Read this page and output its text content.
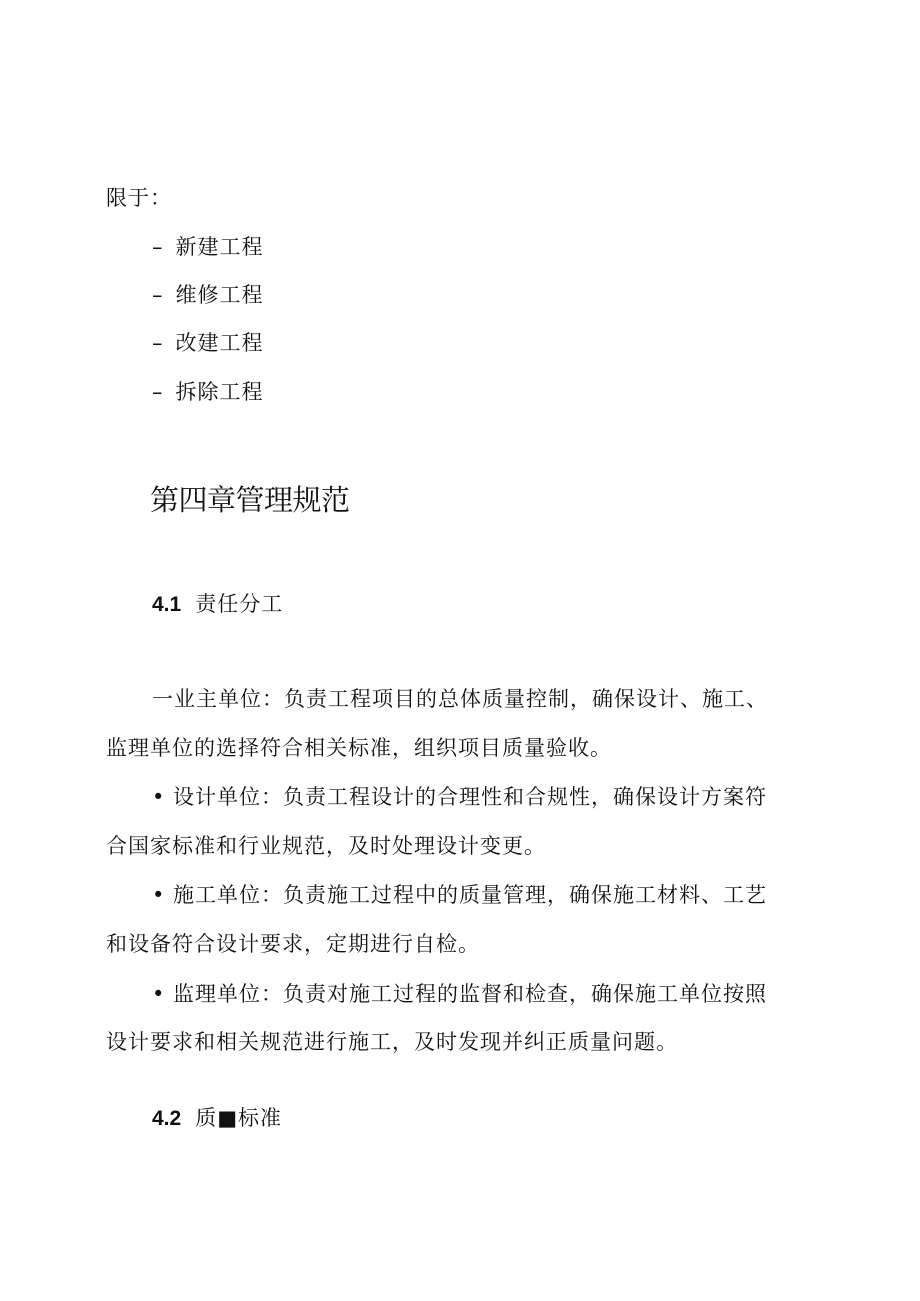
限于：
– 新建工程
– 维修工程
– 改建工程
– 拆除工程
第四章管理规范
4.1 责任分工
一业主单位：负责工程项目的总体质量控制，确保设计、施工、
监理单位的选择符合相关标准，组织项目质量验收。
• 设计单位：负责工程设计的合理性和合规性，确保设计方案符
合国家标准和行业规范，及时处理设计变更。
• 施工单位：负责施工过程中的质量管理，确保施工材料、工艺
和设备符合设计要求，定期进行自检。
• 监理单位：负责对施工过程的监督和检查，确保施工单位按照
设计要求和相关规范进行施工，及时发现并纠正质量问题。
4.2 质■标准
